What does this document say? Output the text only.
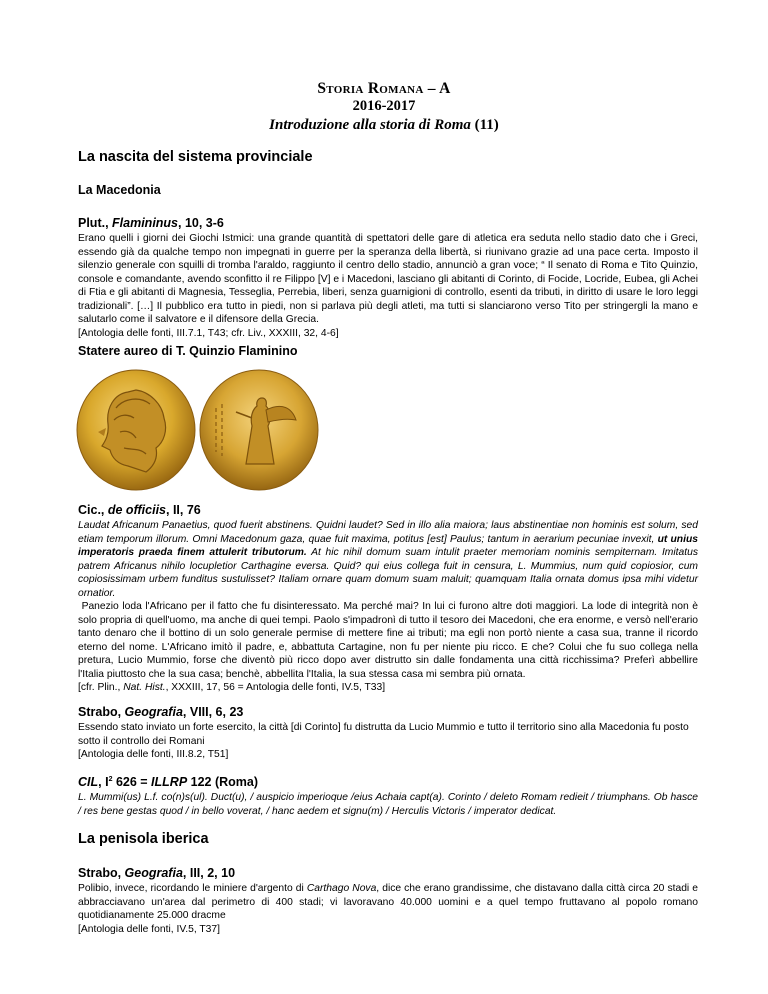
Storia Romana – A
2016-2017
Introduzione alla storia di Roma (11)
La nascita del sistema provinciale
La Macedonia
Plut., Flamininus, 10, 3-6
Erano quelli i giorni dei Giochi Istmici: una grande quantità di spettatori delle gare di atletica era seduta nello stadio dato che i Greci, essendo già da qualche tempo non impegnati in guerre per la speranza della libertà, si riunivano grazie ad una pace certa. Imposto il silenzio generale con squilli di tromba l'araldo, raggiunto il centro dello stadio, annunciò a gran voce; “ Il senato di Roma e Tito Quinzio, console e comandante, avendo sconfitto il re Filippo [V] e i Macedoni, lasciano gli abitanti di Corinto, di Focide, Locride, Eubea, gli Achei di Ftia e gli abitanti di Magnesia, Tesseglia, Perrebia, liberi, senza guarnigioni di controllo, esenti da tributi, in diritto di usare le loro leggi tradizionali”. […] Il pubblico era tutto in piedi, non si parlava più degli atleti, ma tutti si slanciarono verso Tito per stringergli la mano e salutarlo come il salvatore e il difensore della Grecia.
[Antologia delle fonti, III.7.1, T43; cfr. Liv., XXXIII, 32, 4-6]
Statere aureo di T. Quinzio Flaminino
Cic., de officiis, II, 76
Laudat Africanum Panaetius, quod fuerit abstinens. Quidni laudet? Sed in illo alia maiora; laus abstinentiae non hominis est solum, sed etiam temporum illorum. Omni Macedonum gaza, quae fuit maxima, potitus [est] Paulus; tantum in aerarium pecuniae invexit, ut unius imperatoris praeda finem attulerit tributorum. At hic nihil domum suam intulit praeter memoriam nominis sempiternam. Imitatus patrem Africanus nihilo locupletior Carthagine eversa. Quid? qui eius collega fuit in censura, L. Mummius, num quid copiosior, cum copiosissimam urbem funditus sustulisset? Italiam ornare quam domum suam maluit; quamquam Italia ornata domus ipsa mihi videtur ornatior.
Panezio loda l'Africano per il fatto che fu disinteressato. Ma perché mai? In lui ci furono altre doti maggiori. La lode di integrità non è solo propria di quell'uomo, ma anche di quei tempi. Paolo s'impadronì di tutto il tesoro dei Macedoni, che era enorme, e versò nell'erario tanto denaro che il bottino di un solo generale permise di mettere fine ai tributi; ma egli non portò niente a casa sua, tranne il ricordo eterno del nome. L'Africano imitò il padre, e, abbattuta Cartagine, non fu per niente piu ricco. E che? Colui che fu suo collega nella pretura, Lucio Mummio, forse che diventò più ricco dopo aver distrutto sin dalle fondamenta una città ricchissima? Preferì abbellire l'Italia piuttosto che la sua casa; benchè, abbellita l'Italia, la sua stessa casa mi sembra più ornata.
[cfr. Plin., Nat. Hist., XXXIII, 17, 56 = Antologia delle fonti, IV.5, T33]
Strabo, Geografia, VIII, 6, 23
Essendo stato inviato un forte esercito, la città [di Corinto] fu distrutta da Lucio Mummio e tutto il territorio sino alla Macedonia fu posto sotto il controllo dei Romani
[Antologia delle fonti, III.8.2, T51]
CIL, $I^2$ 626 = ILLRP 122 (Roma)
L. Mummi(us) L.f. co(n)s(ul). Duct(u), / auspicio imperioque /eius Achaia capt(a). Corinto / deleto Romam redieit / triumphans. Ob hasce / res bene gestas quod / in bello voverat, / hanc aedem et signu(m) / Herculis Victoris / imperator dedicat.
La penisola iberica
Strabo, Geografia, III, 2, 10
Polibio, invece, ricordando le miniere d'argento di Carthago Nova, dice che erano grandissime, che distavano dalla città circa 20 stadi e abbracciavano un'area dal perimetro di 400 stadi; vi lavoravano 40.000 uomini e a quel tempo fruttavano al popolo romano quotidianamente 25.000 dracme
[Antologia delle fonti, IV.5, T37]
